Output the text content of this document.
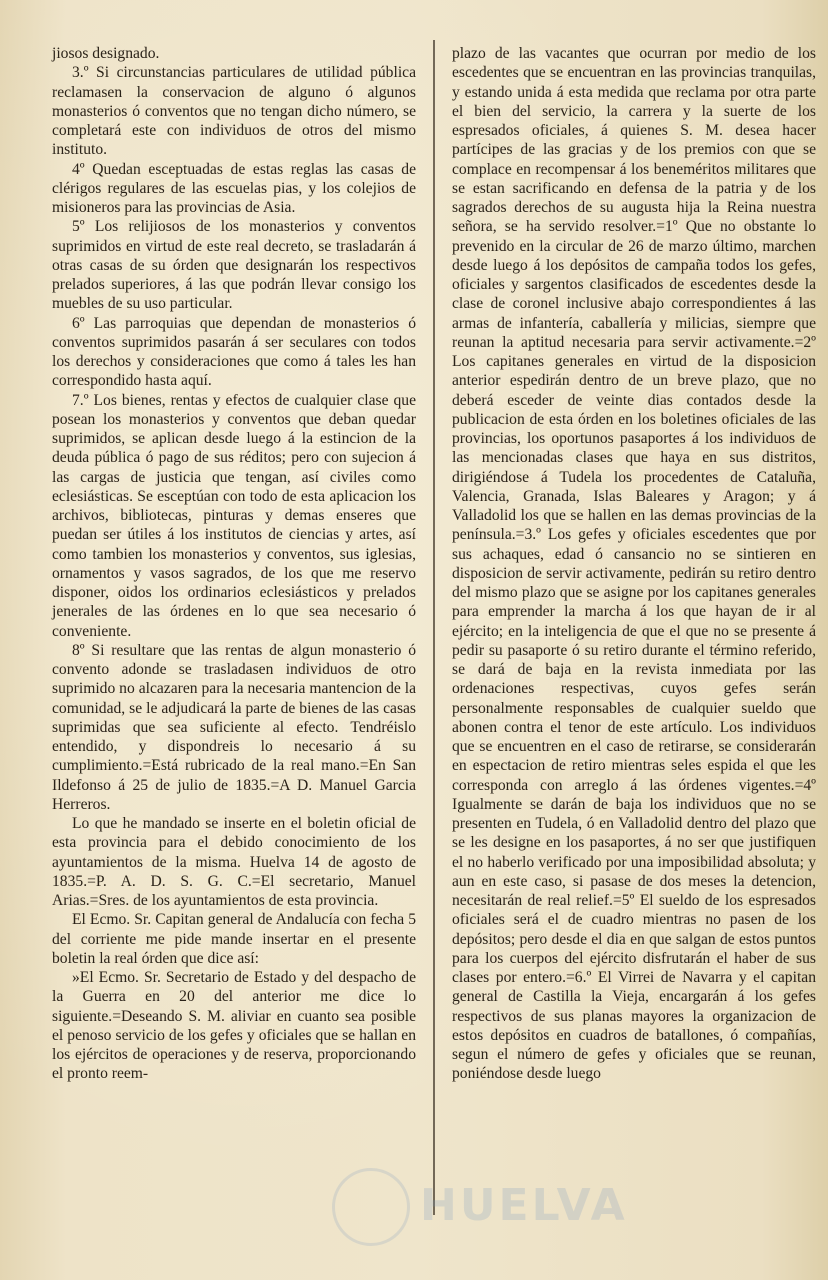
jiosos designado.

3.º Si circunstancias particulares de utilidad pública reclamasen la conservacion de alguno ó algunos monasterios ó conventos que no tengan dicho número, se completará este con individuos de otros del mismo instituto.

4º Quedan esceptuadas de estas reglas las casas de clérigos regulares de las escuelas pias, y los colejios de misioneros para las provincias de Asia.

5º Los relijiosos de los monasterios y conventos suprimidos en virtud de este real decreto, se trasladarán á otras casas de su órden que designarán los respectivos prelados superiores, á las que podrán llevar consigo los muebles de su uso particular.

6º Las parroquias que dependan de monasterios ó conventos suprimidos pasarán á ser seculares con todos los derechos y consideraciones que como á tales les han correspondido hasta aquí.

7.º Los bienes, rentas y efectos de cualquier clase que posean los monasterios y conventos que deban quedar suprimidos, se aplican desde luego á la estincion de la deuda pública ó pago de sus réditos; pero con sujecion á las cargas de justicia que tengan, así civiles como eclesiásticas. Se esceptúan con todo de esta aplicacion los archivos, bibliotecas, pinturas y demas enseres que puedan ser útiles á los institutos de ciencias y artes, así como tambien los monasterios y conventos, sus iglesias, ornamentos y vasos sagrados, de los que me reservo disponer, oidos los ordinarios eclesiásticos y prelados jenerales de las órdenes en lo que sea necesario ó conveniente.

8º Si resultare que las rentas de algun monasterio ó convento adonde se trasladasen individuos de otro suprimido no alcazaren para la necesaria mantencion de la comunidad, se le adjudicará la parte de bienes de las casas suprimidas que sea suficiente al efecto. Tendréislo entendido, y dispondreis lo necesario á su cumplimiento.=Está rubricado de la real mano.=En San Ildefonso á 25 de julio de 1835.=A D. Manuel Garcia Herreros.

Lo que he mandado se inserte en el boletin oficial de esta provincia para el debido conocimiento de los ayuntamientos de la misma. Huelva 14 de agosto de 1835.=P. A. D. S. G. C.=El secretario, Manuel Arias.=Sres. de los ayuntamientos de esta provincia.

El Ecmo. Sr. Capitan general de Andalucía con fecha 5 del corriente me pide mande insertar en el presente boletin la real órden que dice así:

»El Ecmo. Sr. Secretario de Estado y del despacho de la Guerra en 20 del anterior me dice lo siguiente.=Deseando S. M. aliviar en cuanto sea posible el penoso servicio de los gefes y oficiales que se hallan en los ejércitos de operaciones y de reserva, proporcionando el pronto reem-

plazo de las vacantes que ocurran por medio de los escedentes que se encuentran en las provincias tranquilas, y estando unida á esta medida que reclama por otra parte el bien del servicio, la carrera y la suerte de los espresados oficiales, á quienes S. M. desea hacer partícipes de las gracias y de los premios con que se complace en recompensar á los beneméritos militares que se estan sacrificando en defensa de la patria y de los sagrados derechos de su augusta hija la Reina nuestra señora, se ha servido resolver.=1º Que no obstante lo prevenido en la circular de 26 de marzo último, marchen desde luego á los depósitos de campaña todos los gefes, oficiales y sargentos clasificados de escedentes desde la clase de coronel inclusive abajo correspondientes á las armas de infantería, caballería y milicias, siempre que reunan la aptitud necesaria para servir activamente.=2º Los capitanes generales en virtud de la disposicion anterior espedirán dentro de un breve plazo, que no deberá esceder de veinte dias contados desde la publicacion de esta órden en los boletines oficiales de las provincias, los oportunos pasaportes á los individuos de las mencionadas clases que haya en sus distritos, dirigiéndose á Tudela los procedentes de Cataluña, Valencia, Granada, Islas Baleares y Aragon; y á Valladolid los que se hallen en las demas provincias de la península.=3.º Los gefes y oficiales escedentes que por sus achaques, edad ó cansancio no se sintieren en disposicion de servir activamente, pedirán su retiro dentro del mismo plazo que se asigne por los capitanes generales para emprender la marcha á los que hayan de ir al ejército; en la inteligencia de que el que no se presente á pedir su pasaporte ó su retiro durante el término referido, se dará de baja en la revista inmediata por las ordenaciones respectivas, cuyos gefes serán personalmente responsables de cualquier sueldo que abonen contra el tenor de este artículo. Los individuos que se encuentren en el caso de retirarse, se considerarán en espectacion de retiro mientras seles espida el que les corresponda con arreglo á las órdenes vigentes.=4º Igualmente se darán de baja los individuos que no se presenten en Tudela, ó en Valladolid dentro del plazo que se les designe en los pasaportes, á no ser que justifiquen el no haberlo verificado por una imposibilidad absoluta; y aun en este caso, si pasase de dos meses la detencion, necesitarán de real relief.=5º El sueldo de los espresados oficiales será el de cuadro mientras no pasen de los depósitos; pero desde el dia en que salgan de estos puntos para los cuerpos del ejército disfrutarán el haber de sus clases por entero.=6.º El Virrei de Navarra y el capitan general de Castilla la Vieja, encargarán á los gefes respectivos de sus planas mayores la organizacion de estos depósitos en cuadros de batallones, ó compañías, segun el número de gefes y oficiales que se reunan, poniéndose desde luego

HUELVA
